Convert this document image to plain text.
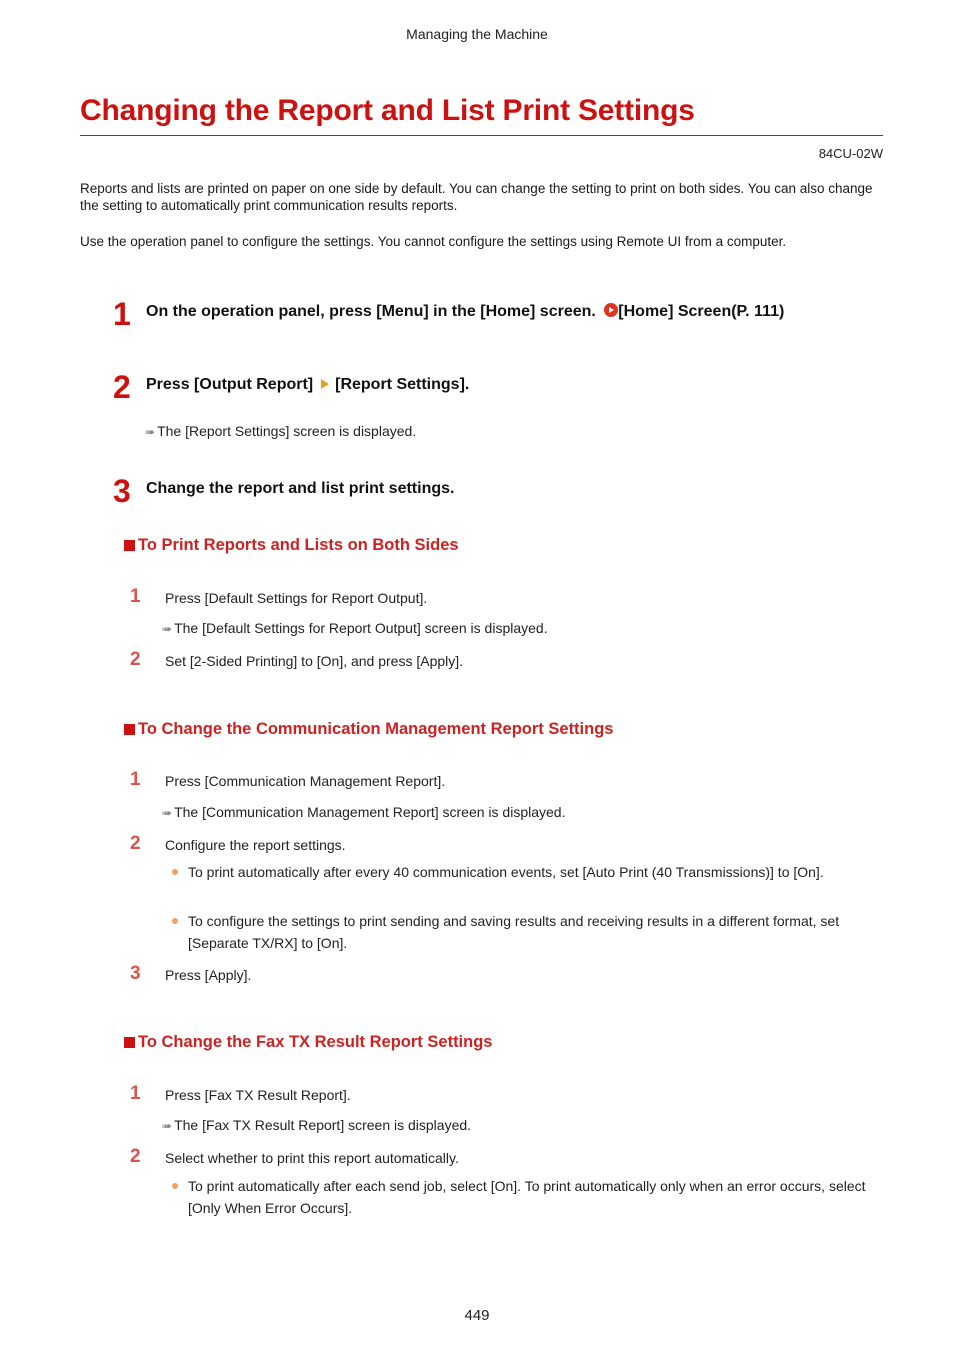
Managing the Machine
Changing the Report and List Print Settings
84CU-02W
Reports and lists are printed on paper on one side by default. You can change the setting to print on both sides. You can also change the setting to automatically print communication results reports.
Use the operation panel to configure the settings. You cannot configure the settings using Remote UI from a computer.
1 On the operation panel, press [Menu] in the [Home] screen. [Home] Screen(P. 111)
2 Press [Output Report] [Report Settings].
➠ The [Report Settings] screen is displayed.
3 Change the report and list print settings.
To Print Reports and Lists on Both Sides
1 Press [Default Settings for Report Output].
➠ The [Default Settings for Report Output] screen is displayed.
2 Set [2-Sided Printing] to [On], and press [Apply].
To Change the Communication Management Report Settings
1 Press [Communication Management Report].
➠ The [Communication Management Report] screen is displayed.
2 Configure the report settings.
To print automatically after every 40 communication events, set [Auto Print (40 Transmissions)] to [On].
To configure the settings to print sending and saving results and receiving results in a different format, set [Separate TX/RX] to [On].
3 Press [Apply].
To Change the Fax TX Result Report Settings
1 Press [Fax TX Result Report].
➠ The [Fax TX Result Report] screen is displayed.
2 Select whether to print this report automatically.
To print automatically after each send job, select [On]. To print automatically only when an error occurs, select [Only When Error Occurs].
449
